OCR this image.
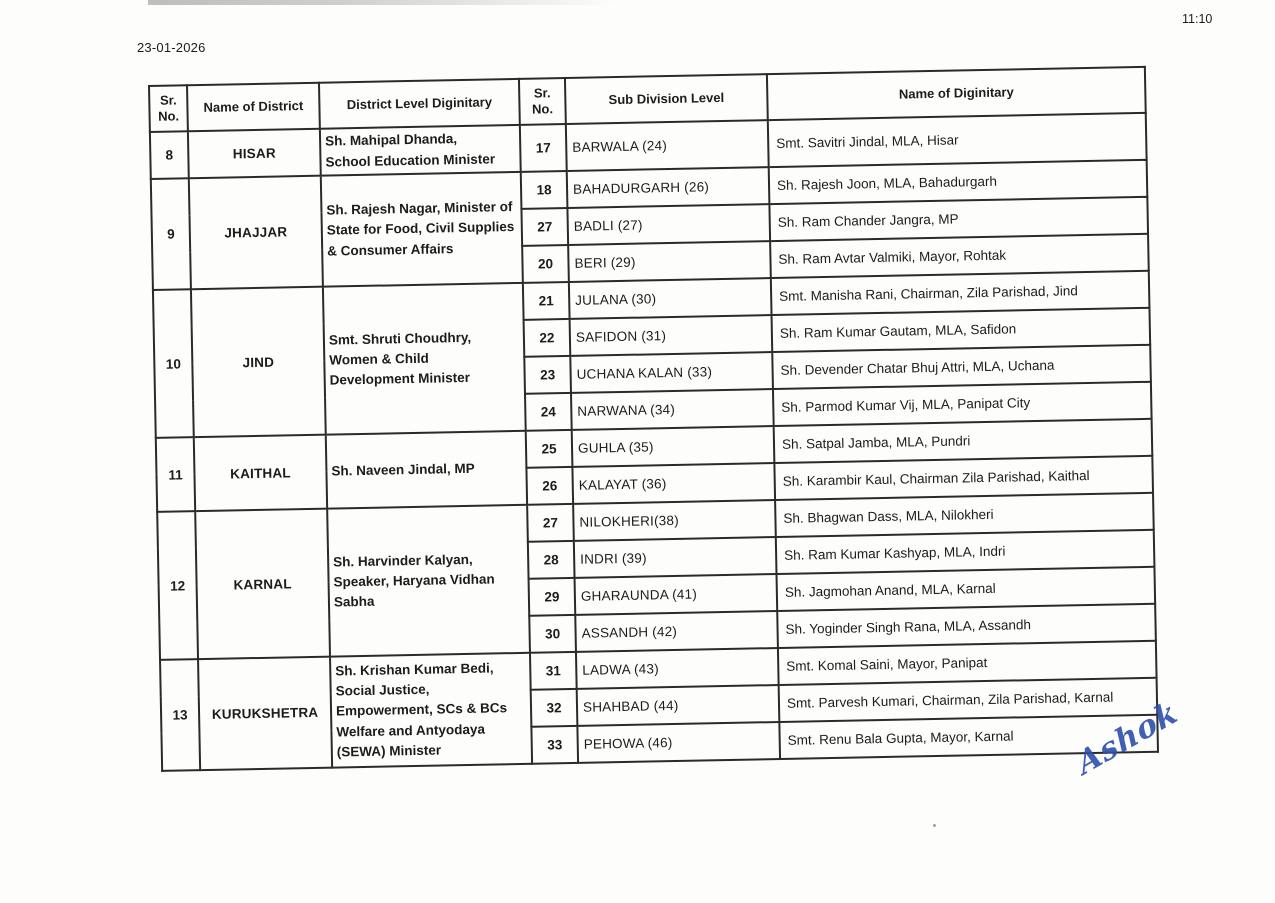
23-01-2026
11:10
Sr. No.	Name of District	District Level Diginitary	Sr. No.	Sub Division Level	Name of Diginitary
8	HISAR	Sh. Mahipal Dhanda,
School Education Minister	17	BARWALA (24)	Smt. Savitri Jindal, MLA, Hisar
9	JHAJJAR	Sh. Rajesh Nagar, Minister of
State for Food, Civil Supplies
& Consumer Affairs	18	BAHADURGARH (26)	Sh. Rajesh Joon, MLA, Bahadurgarh
			27	BADLI (27)	Sh. Ram Chander Jangra, MP
			20	BERI (29)	Sh. Ram Avtar Valmiki, Mayor, Rohtak
10	JIND	Smt. Shruti Choudhry,
Women & Child
Development Minister	21	JULANA (30)	Smt. Manisha Rani, Chairman, Zila Parishad, Jind
			22	SAFIDON (31)	Sh. Ram Kumar Gautam, MLA, Safidon
			23	UCHANA KALAN (33)	Sh. Devender Chatar Bhuj Attri, MLA, Uchana
			24	NARWANA (34)	Sh. Parmod Kumar Vij, MLA, Panipat City
11	KAITHAL	Sh. Naveen Jindal, MP	25	GUHLA (35)	Sh. Satpal Jamba, MLA, Pundri
			26	KALAYAT (36)	Sh. Karambir Kaul, Chairman Zila Parishad, Kaithal
12	KARNAL	Sh. Harvinder Kalyan,
Speaker, Haryana Vidhan
Sabha	27	NILOKHERI(38)	Sh. Bhagwan Dass, MLA, Nilokheri
			28	INDRI (39)	Sh. Ram Kumar Kashyap, MLA, Indri
			29	GHARAUNDA (41)	Sh. Jagmohan Anand, MLA, Karnal
			30	ASSANDH (42)	Sh. Yoginder Singh Rana, MLA, Assandh
13	KURUKSHETRA	Sh. Krishan Kumar Bedi,
Social Justice,
Empowerment, SCs & BCs
Welfare and Antyodaya
(SEWA) Minister	31	LADWA (43)	Smt. Komal Saini, Mayor, Panipat
			32	SHAHBAD (44)	Smt. Parvesh Kumari, Chairman, Zila Parishad, Karnal
			33	PEHOWA (46)	Smt. Renu Bala Gupta, Mayor, Karnal Ashok
